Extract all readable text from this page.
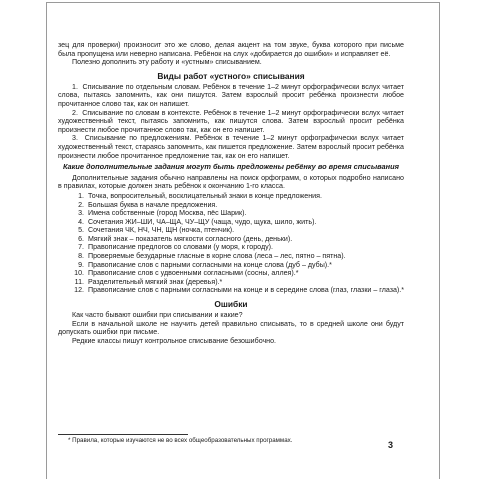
зец для проверки) произносит это же слово, делая акцент на том звуке, буква которого при письме была пропущена или неверно написана. Ребёнок на слух «добирается до ошибки» и исправляет её.

Полезно дополнить эту работу и «устным» списыванием.

Виды работ «устного» списывания

1.  Списывание по отдельным словам. Ребёнок в течение 1–2 минут орфографически вслух читает слова, пытаясь запомнить, как они пишутся. Затем взрослый просит ребёнка произнести любое прочитанное слово так, как он напишет.

2.  Списывание по словам в контексте. Ребёнок в течение 1–2 минут орфографически вслух читает художественный текст, пытаясь запомнить, как пишутся слова. Затем взрослый просит ребёнка произнести любое прочитанное слово так, как он его напишет.

3.  Списывание по предложениям. Ребёнок в течение 1–2 минут орфографически вслух читает художественный текст, стараясь запомнить, как пишется предложение. Затем взрослый просит ребёнка произнести любое прочитанное предложение так, как он его напишет.

Какие дополнительные задания могут быть предложены ребёнку во время списывания

Дополнительные задания обычно направлены на поиск орфограмм, о которых подробно написано в правилах, которые должен знать ребёнок к окончанию 1-го класса.

1. Точка, вопросительный, восклицательный знаки в конце предложения.
2. Большая буква в начале предложения.
3. Имена собственные (город Москва, пёс Шарик).
4. Сочетания ЖИ–ШИ, ЧА–ЩА, ЧУ–ЩУ (чаща, чудо, щука, шило, жить).
5. Сочетания ЧК, НЧ, ЧН, ЩН (ночка, птенчик).
6. Мягкий знак – показатель мягкости согласного (день, деньки).
7. Правописание предлогов со словами (у моря, к городу).
8. Проверяемые безударные гласные в корне слова (леса – лес, пятно – пятна).
9. Правописание слов с парными согласными на конце слова (дуб – дубы).*
10. Правописание слов с удвоенными согласными (сосны, аллея).*
11. Разделительный мягкий знак (деревья).*
12. Правописание слов с парными согласными на конце и в середине слова (глаз, глазки – глаза).*
Ошибки

Как часто бывают ошибки при списывании и какие?

Если в начальной школе не научить детей правильно списывать, то в средней школе они будут допускать ошибки при письме.

Редкие классы пишут контрольное списывание безошибочно.

* Правила, которые изучаются не во всех общеобразовательных программах.	3
